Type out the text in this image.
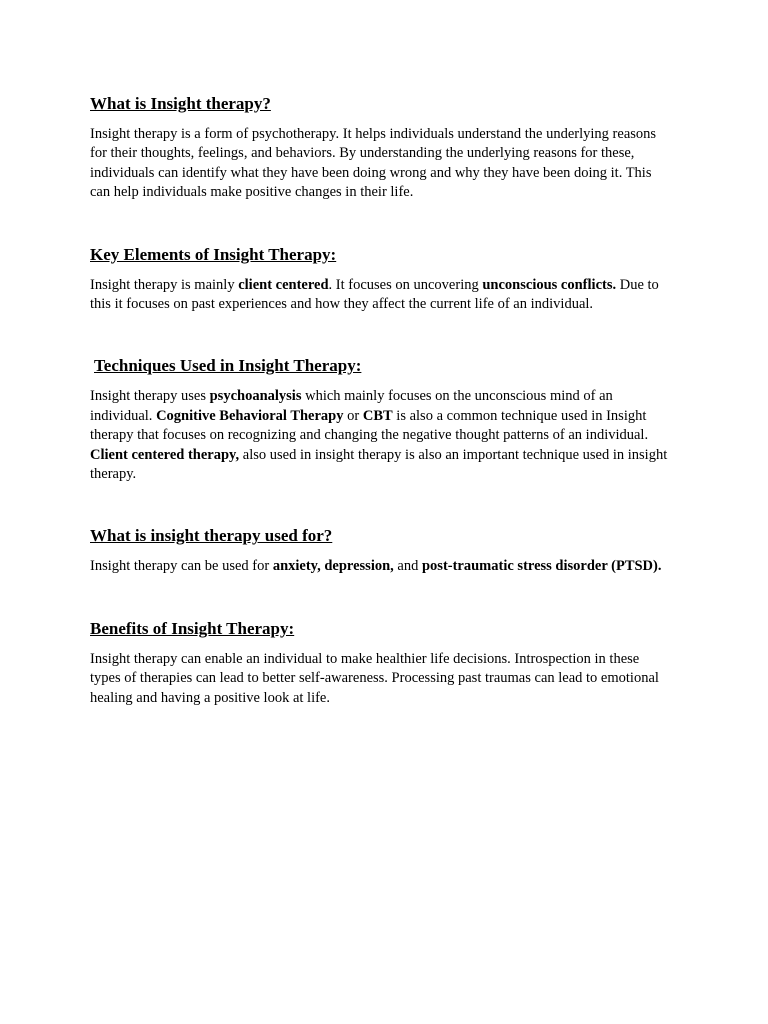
What is Insight therapy?

Insight therapy is a form of psychotherapy. It helps individuals understand the underlying reasons for their thoughts, feelings, and behaviors. By understanding the underlying reasons for these, individuals can identify what they have been doing wrong and why they have been doing it. This can help individuals make positive changes in their life.

Key Elements of Insight Therapy:

Insight therapy is mainly client centered. It focuses on uncovering unconscious conflicts. Due to this it focuses on past experiences and how they affect the current life of an individual.

Techniques Used in Insight Therapy:

Insight therapy uses psychoanalysis which mainly focuses on the unconscious mind of an individual. Cognitive Behavioral Therapy or CBT is also a common technique used in Insight therapy that focuses on recognizing and changing the negative thought patterns of an individual. Client centered therapy, also used in insight therapy is also an important technique used in insight therapy.

What is insight therapy used for?

Insight therapy can be used for anxiety, depression, and post-traumatic stress disorder (PTSD).

Benefits of Insight Therapy:

Insight therapy can enable an individual to make healthier life decisions. Introspection in these types of therapies can lead to better self-awareness. Processing past traumas can lead to emotional healing and having a positive look at life.
